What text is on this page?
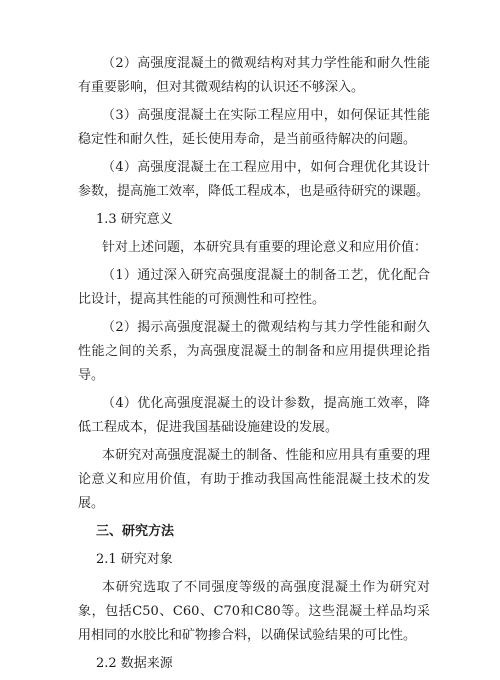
（2）高强度混凝土的微观结构对其力学性能和耐久性能有重要影响，但对其微观结构的认识还不够深入。

（3）高强度混凝土在实际工程应用中，如何保证其性能稳定性和耐久性，延长使用寿命，是当前亟待解决的问题。

（4）高强度混凝土在工程应用中，如何合理优化其设计参数，提高施工效率，降低工程成本，也是亟待研究的课题。

1.3 研究意义

针对上述问题，本研究具有重要的理论意义和应用价值：

（1）通过深入研究高强度混凝土的制备工艺，优化配合比设计，提高其性能的可预测性和可控性。

（2）揭示高强度混凝土的微观结构与其力学性能和耐久性能之间的关系，为高强度混凝土的制备和应用提供理论指导。

（4）优化高强度混凝土的设计参数，提高施工效率，降低工程成本，促进我国基础设施建设的发展。

本研究对高强度混凝土的制备、性能和应用具有重要的理论意义和应用价值，有助于推动我国高性能混凝土技术的发展。

三、研究方法
2.1 研究对象

本研究选取了不同强度等级的高强度混凝土作为研究对象，包括C50、C60、C70和C80等。这些混凝土样品均采用相同的水胶比和矿物掺合料，以确保试验结果的可比性。

2.2 数据来源
